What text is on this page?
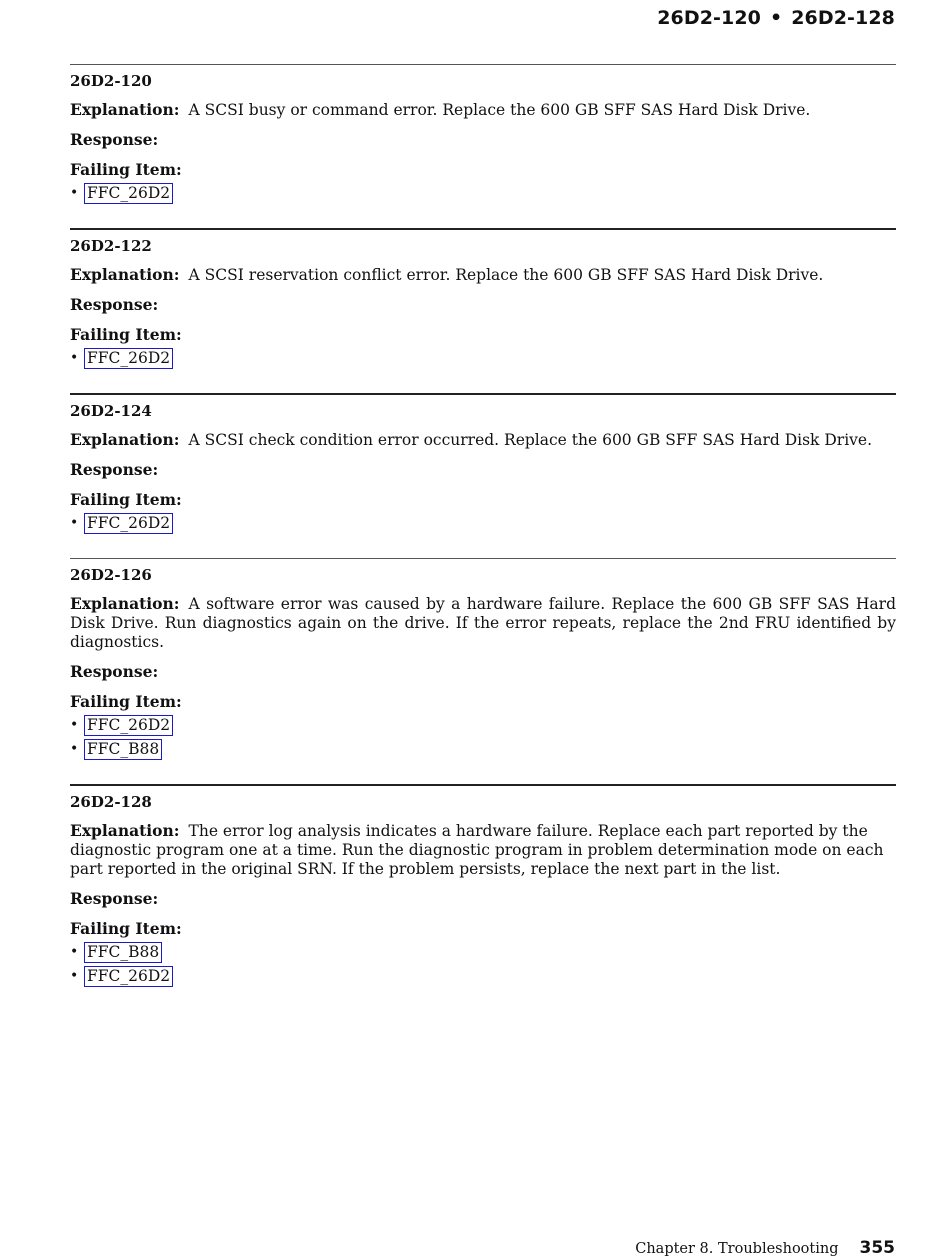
26D2-120 • 26D2-128
26D2-120
Explanation: A SCSI busy or command error. Replace the 600 GB SFF SAS Hard Disk Drive.
Response:
Failing Item:
• FFC_26D2
26D2-122
Explanation: A SCSI reservation conflict error. Replace the 600 GB SFF SAS Hard Disk Drive.
Response:
Failing Item:
• FFC_26D2
26D2-124
Explanation: A SCSI check condition error occurred. Replace the 600 GB SFF SAS Hard Disk Drive.
Response:
Failing Item:
• FFC_26D2
26D2-126
Explanation: A software error was caused by a hardware failure. Replace the 600 GB SFF SAS Hard Disk Drive. Run diagnostics again on the drive. If the error repeats, replace the 2nd FRU identified by diagnostics.
Response:
Failing Item:
• FFC_26D2
• FFC_B88
26D2-128
Explanation: The error log analysis indicates a hardware failure. Replace each part reported by the diagnostic program one at a time. Run the diagnostic program in problem determination mode on each part reported in the original SRN. If the problem persists, replace the next part in the list.
Response:
Failing Item:
• FFC_B88
• FFC_26D2
Chapter 8. Troubleshooting 355
